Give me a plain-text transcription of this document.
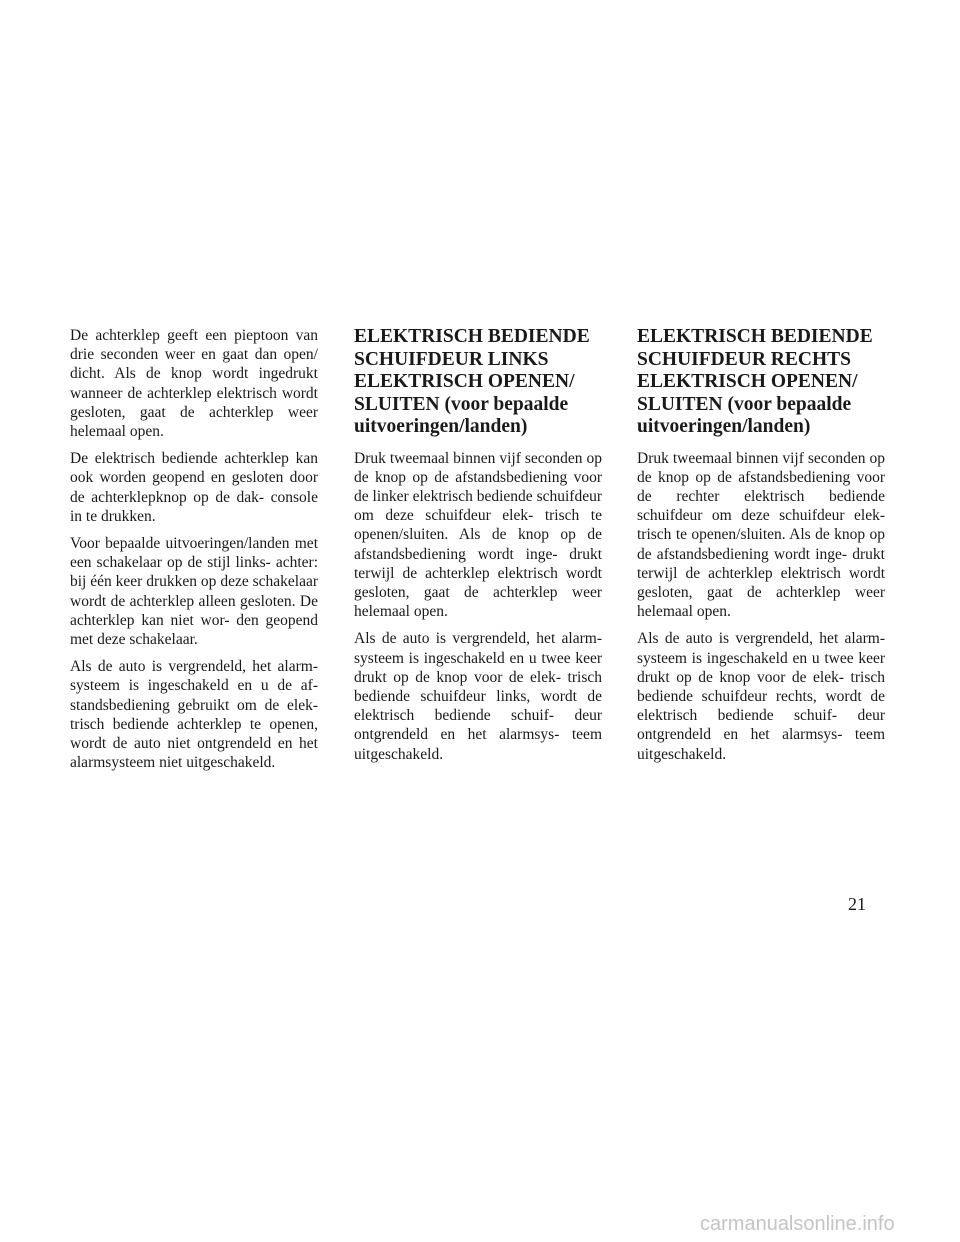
De achterklep geeft een pieptoon van drie seconden weer en gaat dan open/ dicht. Als de knop wordt ingedrukt wanneer de achterklep elektrisch wordt gesloten, gaat de achterklep weer helemaal open.

De elektrisch bediende achterklep kan ook worden geopend en gesloten door de achterklepknop op de dak- console in te drukken.

Voor bepaalde uitvoeringen/landen met een schakelaar op de stijl links- achter: bij één keer drukken op deze schakelaar wordt de achterklep alleen gesloten. De achterklep kan niet wor- den geopend met deze schakelaar.

Als de auto is vergrendeld, het alarm- systeem is ingeschakeld en u de af- standsbediening gebruikt om de elek- trisch bediende achterklep te openen, wordt de auto niet ontgrendeld en het alarmsysteem niet uitgeschakeld.

ELEKTRISCH BEDIENDE SCHUIFDEUR LINKS ELEKTRISCH OPENEN/ SLUITEN (voor bepaalde uitvoeringen/landen)

Druk tweemaal binnen vijf seconden op de knop op de afstandsbediening voor de linker elektrisch bediende schuifdeur om deze schuifdeur elek- trisch te openen/sluiten. Als de knop op de afstandsbediening wordt inge- drukt terwijl de achterklep elektrisch wordt gesloten, gaat de achterklep weer helemaal open.

Als de auto is vergrendeld, het alarm- systeem is ingeschakeld en u twee keer drukt op de knop voor de elek- trisch bediende schuifdeur links, wordt de elektrisch bediende schuif- deur ontgrendeld en het alarmsys- teem uitgeschakeld.

ELEKTRISCH BEDIENDE SCHUIFDEUR RECHTS ELEKTRISCH OPENEN/ SLUITEN (voor bepaalde uitvoeringen/landen)

Druk tweemaal binnen vijf seconden op de knop op de afstandsbediening voor de rechter elektrisch bediende schuifdeur om deze schuifdeur elek- trisch te openen/sluiten. Als de knop op de afstandsbediening wordt inge- drukt terwijl de achterklep elektrisch wordt gesloten, gaat de achterklep weer helemaal open.

Als de auto is vergrendeld, het alarm- systeem is ingeschakeld en u twee keer drukt op de knop voor de elek- trisch bediende schuifdeur rechts, wordt de elektrisch bediende schuif- deur ontgrendeld en het alarmsys- teem uitgeschakeld.

21
carmanualsonline.info
